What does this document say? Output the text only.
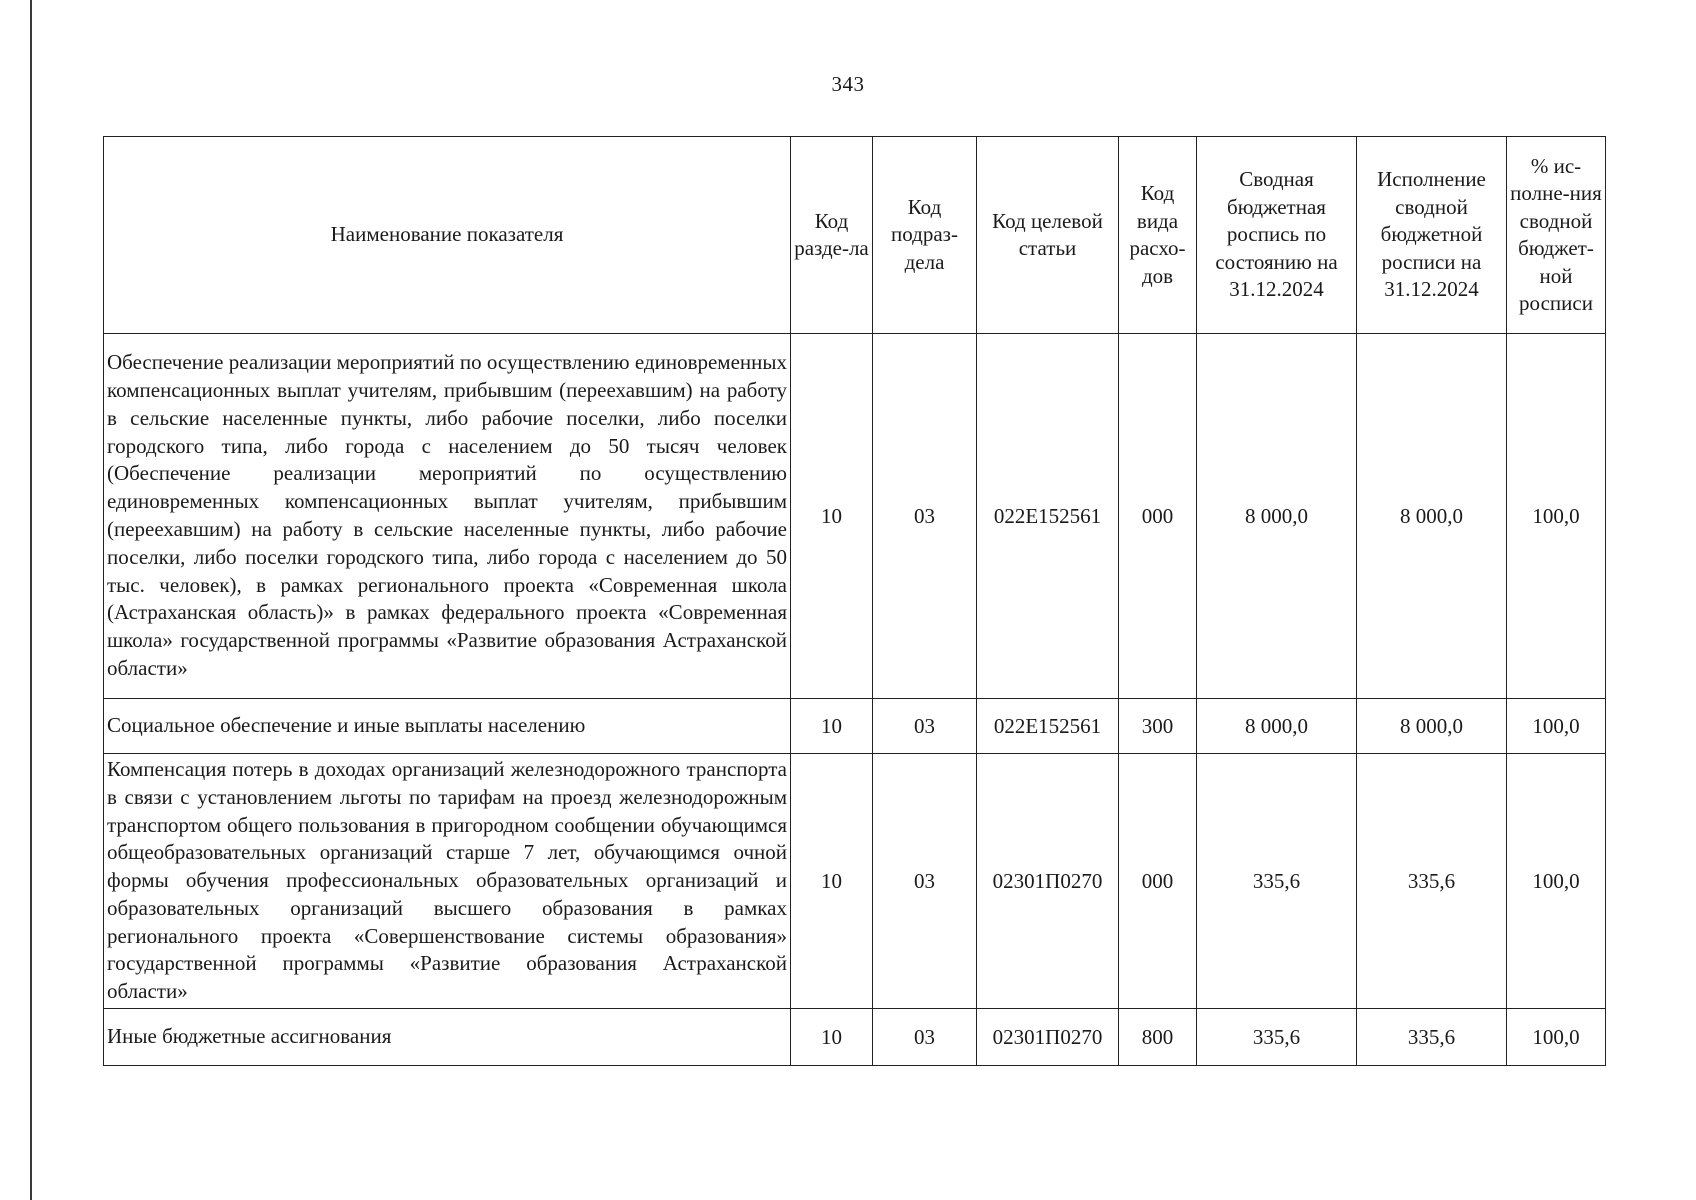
343
Наименование показателя	Код разде-ла	Код подраз-дела	Код целевой статьи	Код вида расхо-дов	Сводная бюджетная роспись по состоянию на 31.12.2024	Исполнение сводной бюджетной росписи на 31.12.2024	% ис-полне-ния сводной бюджет-ной росписи
Обеспечение реализации мероприятий по осуществлению единовременных компенсационных выплат учителям, прибывшим (переехавшим) на работу в сельские населенные пункты, либо рабочие поселки, либо поселки городского типа, либо города с населением до 50 тысяч человек (Обеспечение реализации мероприятий по осуществлению единовременных компенсационных выплат учителям, прибывшим (переехавшим) на работу в сельские населенные пункты, либо рабочие поселки, либо поселки городского типа, либо города с населением до 50 тыс. человек), в рамках регионального проекта «Современная школа (Астраханская область)» в рамках федерального проекта «Современная школа» государственной программы «Развитие образования Астраханской области»	10	03	022Е152561	000	8 000,0	8 000,0	100,0
Социальное обеспечение и иные выплаты населению	10	03	022Е152561	300	8 000,0	8 000,0	100,0
Компенсация потерь в доходах организаций железнодорожного транспорта в связи с установлением льготы по тарифам на проезд железнодорожным транспортом общего пользования в пригородном сообщении обучающимся общеобразовательных организаций старше 7 лет, обучающимся очной формы обучения профессиональных образовательных организаций и образовательных организаций высшего образования в рамках регионального проекта «Совершенствование системы образования» государственной программы «Развитие образования Астраханской области»	10	03	02301П0270	000	335,6	335,6	100,0
Иные бюджетные ассигнования	10	03	02301П0270	800	335,6	335,6	100,0
